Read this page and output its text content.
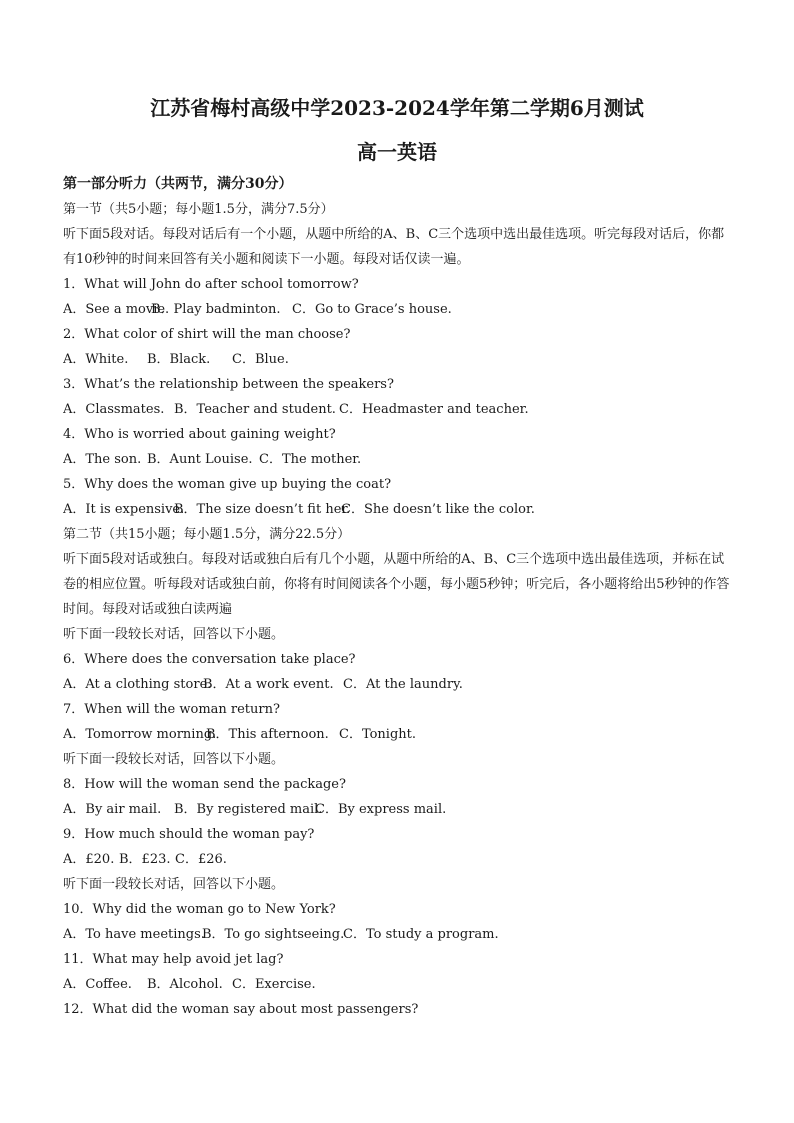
江苏省梅村高级中学2023-2024学年第二学期6月测试
高一英语
第一部分听力（共两节，满分30分）
第一节（共5小题；每小题1.5分，满分7.5分）
听下面5段对话。每段对话后有一个小题，从题中所给的A、B、C三个选项中选出最佳选项。听完每段对话后，你都有10秒钟的时间来回答有关小题和阅读下一小题。每段对话仅读一遍。
1．What will John do after school tomorrow?
A．See a movie.B．Play badminton. C．Go to Grace’s house.
2．What color of shirt will the man choose?
A．White. B．Black. C．Blue.
3．What’s the relationship between the speakers?
A．Classmates. B．Teacher and student. C．Headmaster and teacher.
4．Who is worried about gaining weight?
A．The son. B．Aunt Louise. C．The mother.
5．Why does the woman give up buying the coat?
A．It is expensive.B．The size doesn’t fit her.C．She doesn’t like the color.
第二节（共15小题；每小题1.5分，满分22.5分）
听下面5段对话或独白。每段对话或独白后有几个小题，从题中所给的A、B、C三个选项中选出最佳选项，并标在试卷的相应位置。听每段对话或独白前，你将有时间阅读各个小题，每小题5秒钟；听完后，各小题将给出5秒钟的作答时间。每段对话或独白读两遍
听下面一段较长对话，回答以下小题。
6．Where does the conversation take place?
A．At a clothing store.B．At a work event. C．At the laundry.
7．When will the woman return?
A．Tomorrow morning.B．This afternoon. C．Tonight.
听下面一段较长对话，回答以下小题。
8．How will the woman send the package?
A．By air mail. B．By registered mail.C．By express mail.
9．How much should the woman pay?
A．£20. B．£23. C．£26.
听下面一段较长对话，回答以下小题。
10．Why did the woman go to New York?
A．To have meetings.B．To go sightseeing.C．To study a program.
11．What may help avoid jet lag?
A．Coffee. B．Alcohol. C．Exercise.
12．What did the woman say about most passengers?
